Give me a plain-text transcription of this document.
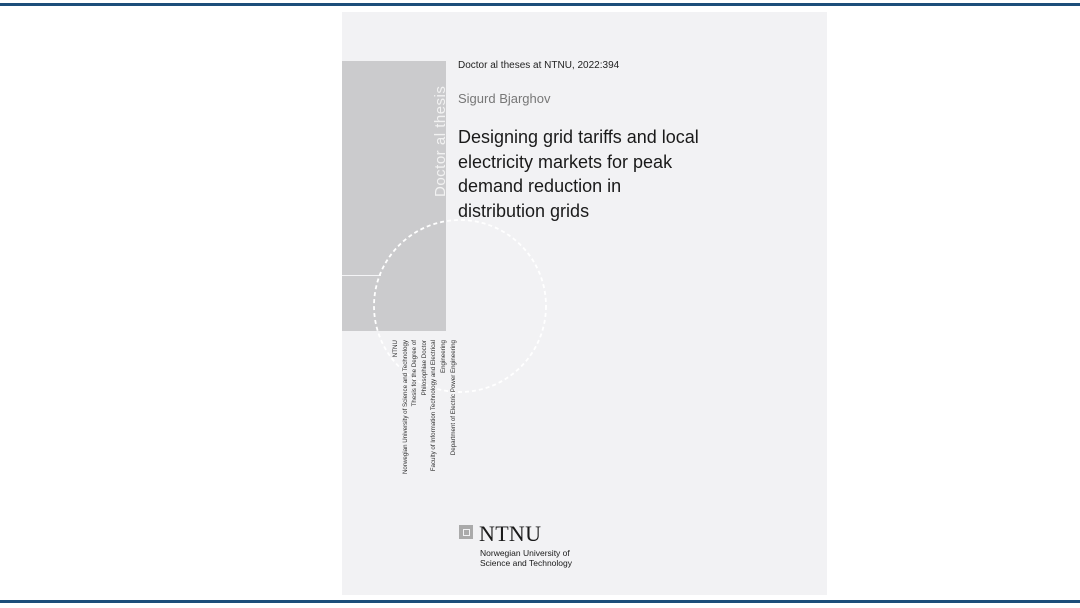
Doctor al thesis
NTNU Norwegian University of Science and Technology Thesis for the Degree of Philosophiae Doctor Faculty of Information Technology and Electrical Engineering Department of Electric Power Engineering
Doctor al theses at NTNU, 2022:394
Sigurd Bjarghov
Designing grid tariffs and local
electricity markets for peak
demand reduction in
distribution grids
NTNU
Norwegian University of
Science and Technology
